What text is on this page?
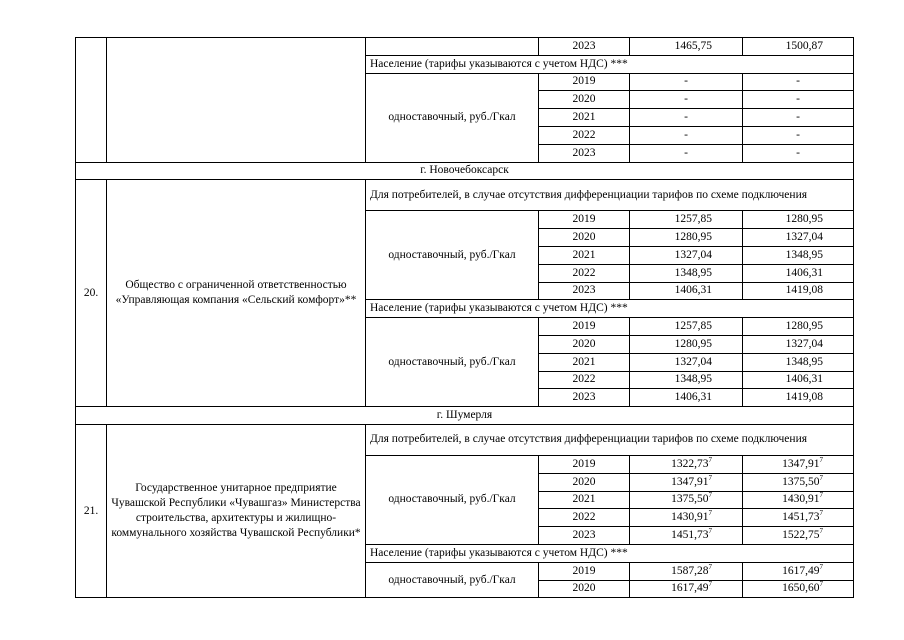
			2023	1465,75	1500,87
		Население (тарифы указываются с учетом НДС) ***			
		одноставочный, руб./Гкал	2019	-	-
			2020	-	-
			2021	-	-
			2022	-	-
			2023	-	-
г. Новочебоксарск					
20.	Общество с ограниченной ответственностью «Управляющая компания «Сельский комфорт»**	Для потребителей, в случае отсутствия дифференциации тарифов по схеме подключения			
		одноставочный, руб./Гкал	2019	1257,85	1280,95
			2020	1280,95	1327,04
			2021	1327,04	1348,95
			2022	1348,95	1406,31
			2023	1406,31	1419,08
		Население (тарифы указываются с учетом НДС) ***			
		одноставочный, руб./Гкал	2019	1257,85	1280,95
			2020	1280,95	1327,04
			2021	1327,04	1348,95
			2022	1348,95	1406,31
			2023	1406,31	1419,08
г. Шумерля					
21.	Государственное унитарное предприятие Чувашской Республики «Чувашгаз» Министерства строительства, архитектуры и жилищно-коммунального хозяйства Чувашской Республики*	Для потребителей, в случае отсутствия дифференциации тарифов по схеме подключения			
		одноставочный, руб./Гкал	2019	1322,73$^7$	1347,91$^7$
			2020	1347,91$^7$	1375,50$^7$
			2021	1375,50$^7$	1430,91$^7$
			2022	1430,91$^7$	1451,73$^7$
			2023	1451,73$^7$	1522,75$^7$
		Население (тарифы указываются с учетом НДС) ***			
		одноставочный, руб./Гкал	2019	1587,28$^7$	1617,49$^7$
			2020	1617,49$^7$	1650,60$^7$
